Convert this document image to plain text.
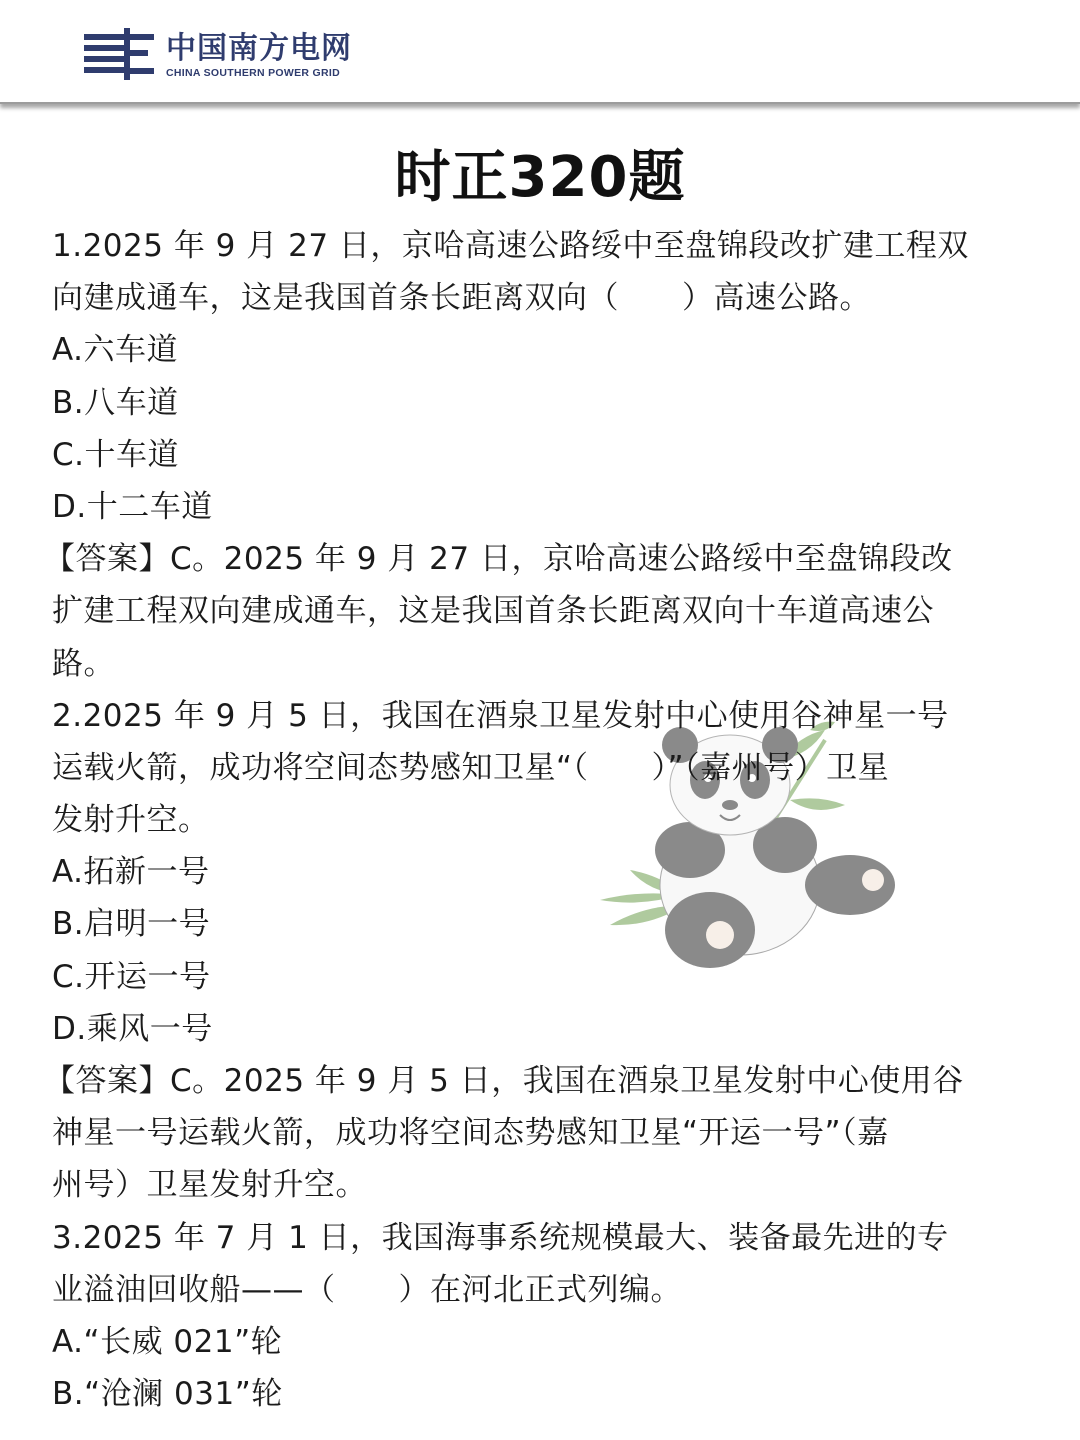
中国南方电网
CHINA SOUTHERN POWER GRID
时正320题
1.2025 年 9 月 27 日，京哈高速公路绥中至盘锦段改扩建工程双
向建成通车，这是我国首条长距离双向（　　）高速公路。
A.六车道
B.八车道
C.十车道
D.十二车道
【答案】C。2025 年 9 月 27 日，京哈高速公路绥中至盘锦段改
扩建工程双向建成通车，这是我国首条长距离双向十车道高速公
路。
2.2025 年 9 月 5 日，我国在酒泉卫星发射中心使用谷神星一号
运载火箭，成功将空间态势感知卫星“（　　）”（嘉州号）卫星
发射升空。
A.拓新一号
B.启明一号
C.开运一号
D.乘风一号
【答案】C。2025 年 9 月 5 日，我国在酒泉卫星发射中心使用谷
神星一号运载火箭，成功将空间态势感知卫星“开运一号”（嘉
州号）卫星发射升空。
3.2025 年 7 月 1 日，我国海事系统规模最大、装备最先进的专
业溢油回收船——（　　）在河北正式列编。
A.“长威 021”轮
B.“沧澜 031”轮
